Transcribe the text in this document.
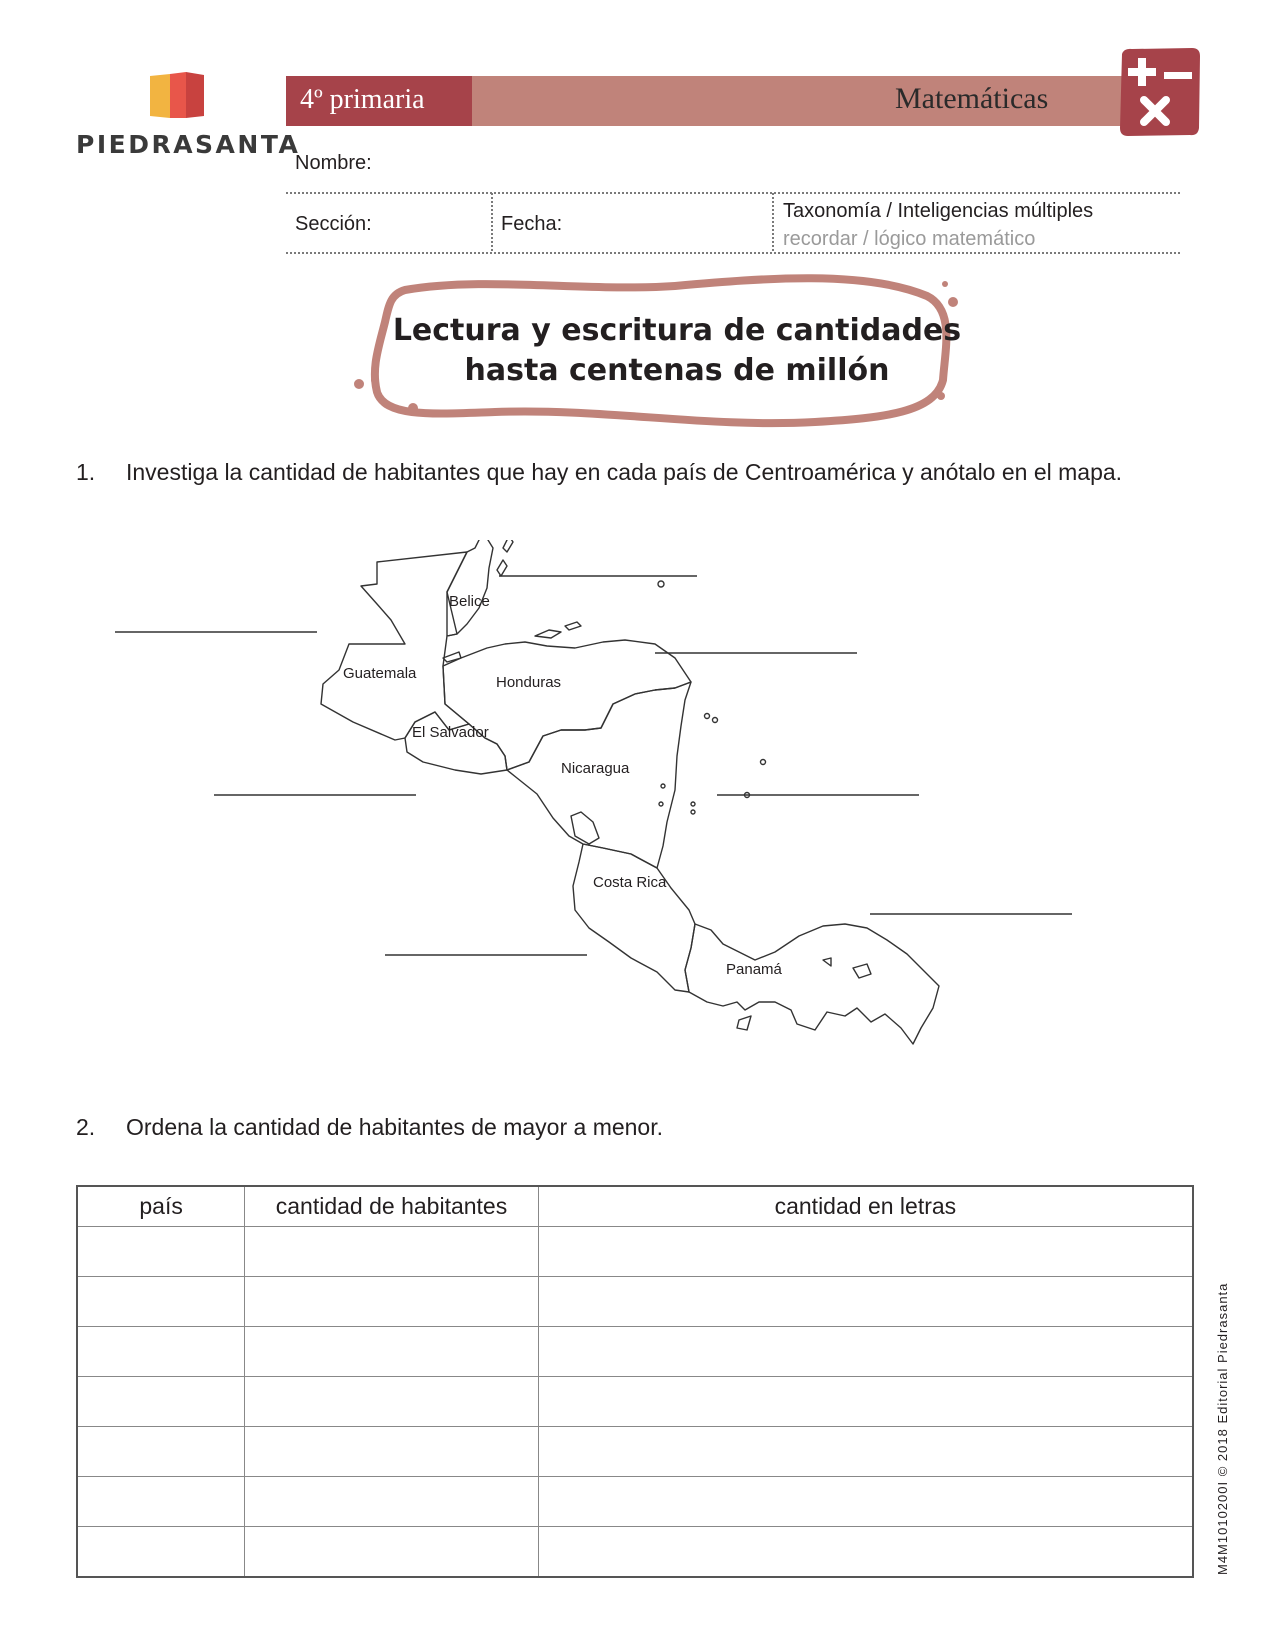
PIEDRASANTA
4º primaria	Matemáticas
Nombre:
Sección:	Fecha:
Taxonomía / Inteligencias múltiples
recordar / lógico matemático
Lectura y escritura de cantidades
hasta centenas de millón
1. Investiga la cantidad de habitantes que hay en cada país de Centroamérica y anótalo en el mapa.
Belice
Guatemala
Honduras
El Salvador
Nicaragua
Costa Rica
Panamá
2. Ordena la cantidad de habitantes de mayor a menor.
país	cantidad de habitantes	cantidad en letras

M4M1010200I © 2018 Editorial Piedrasanta
